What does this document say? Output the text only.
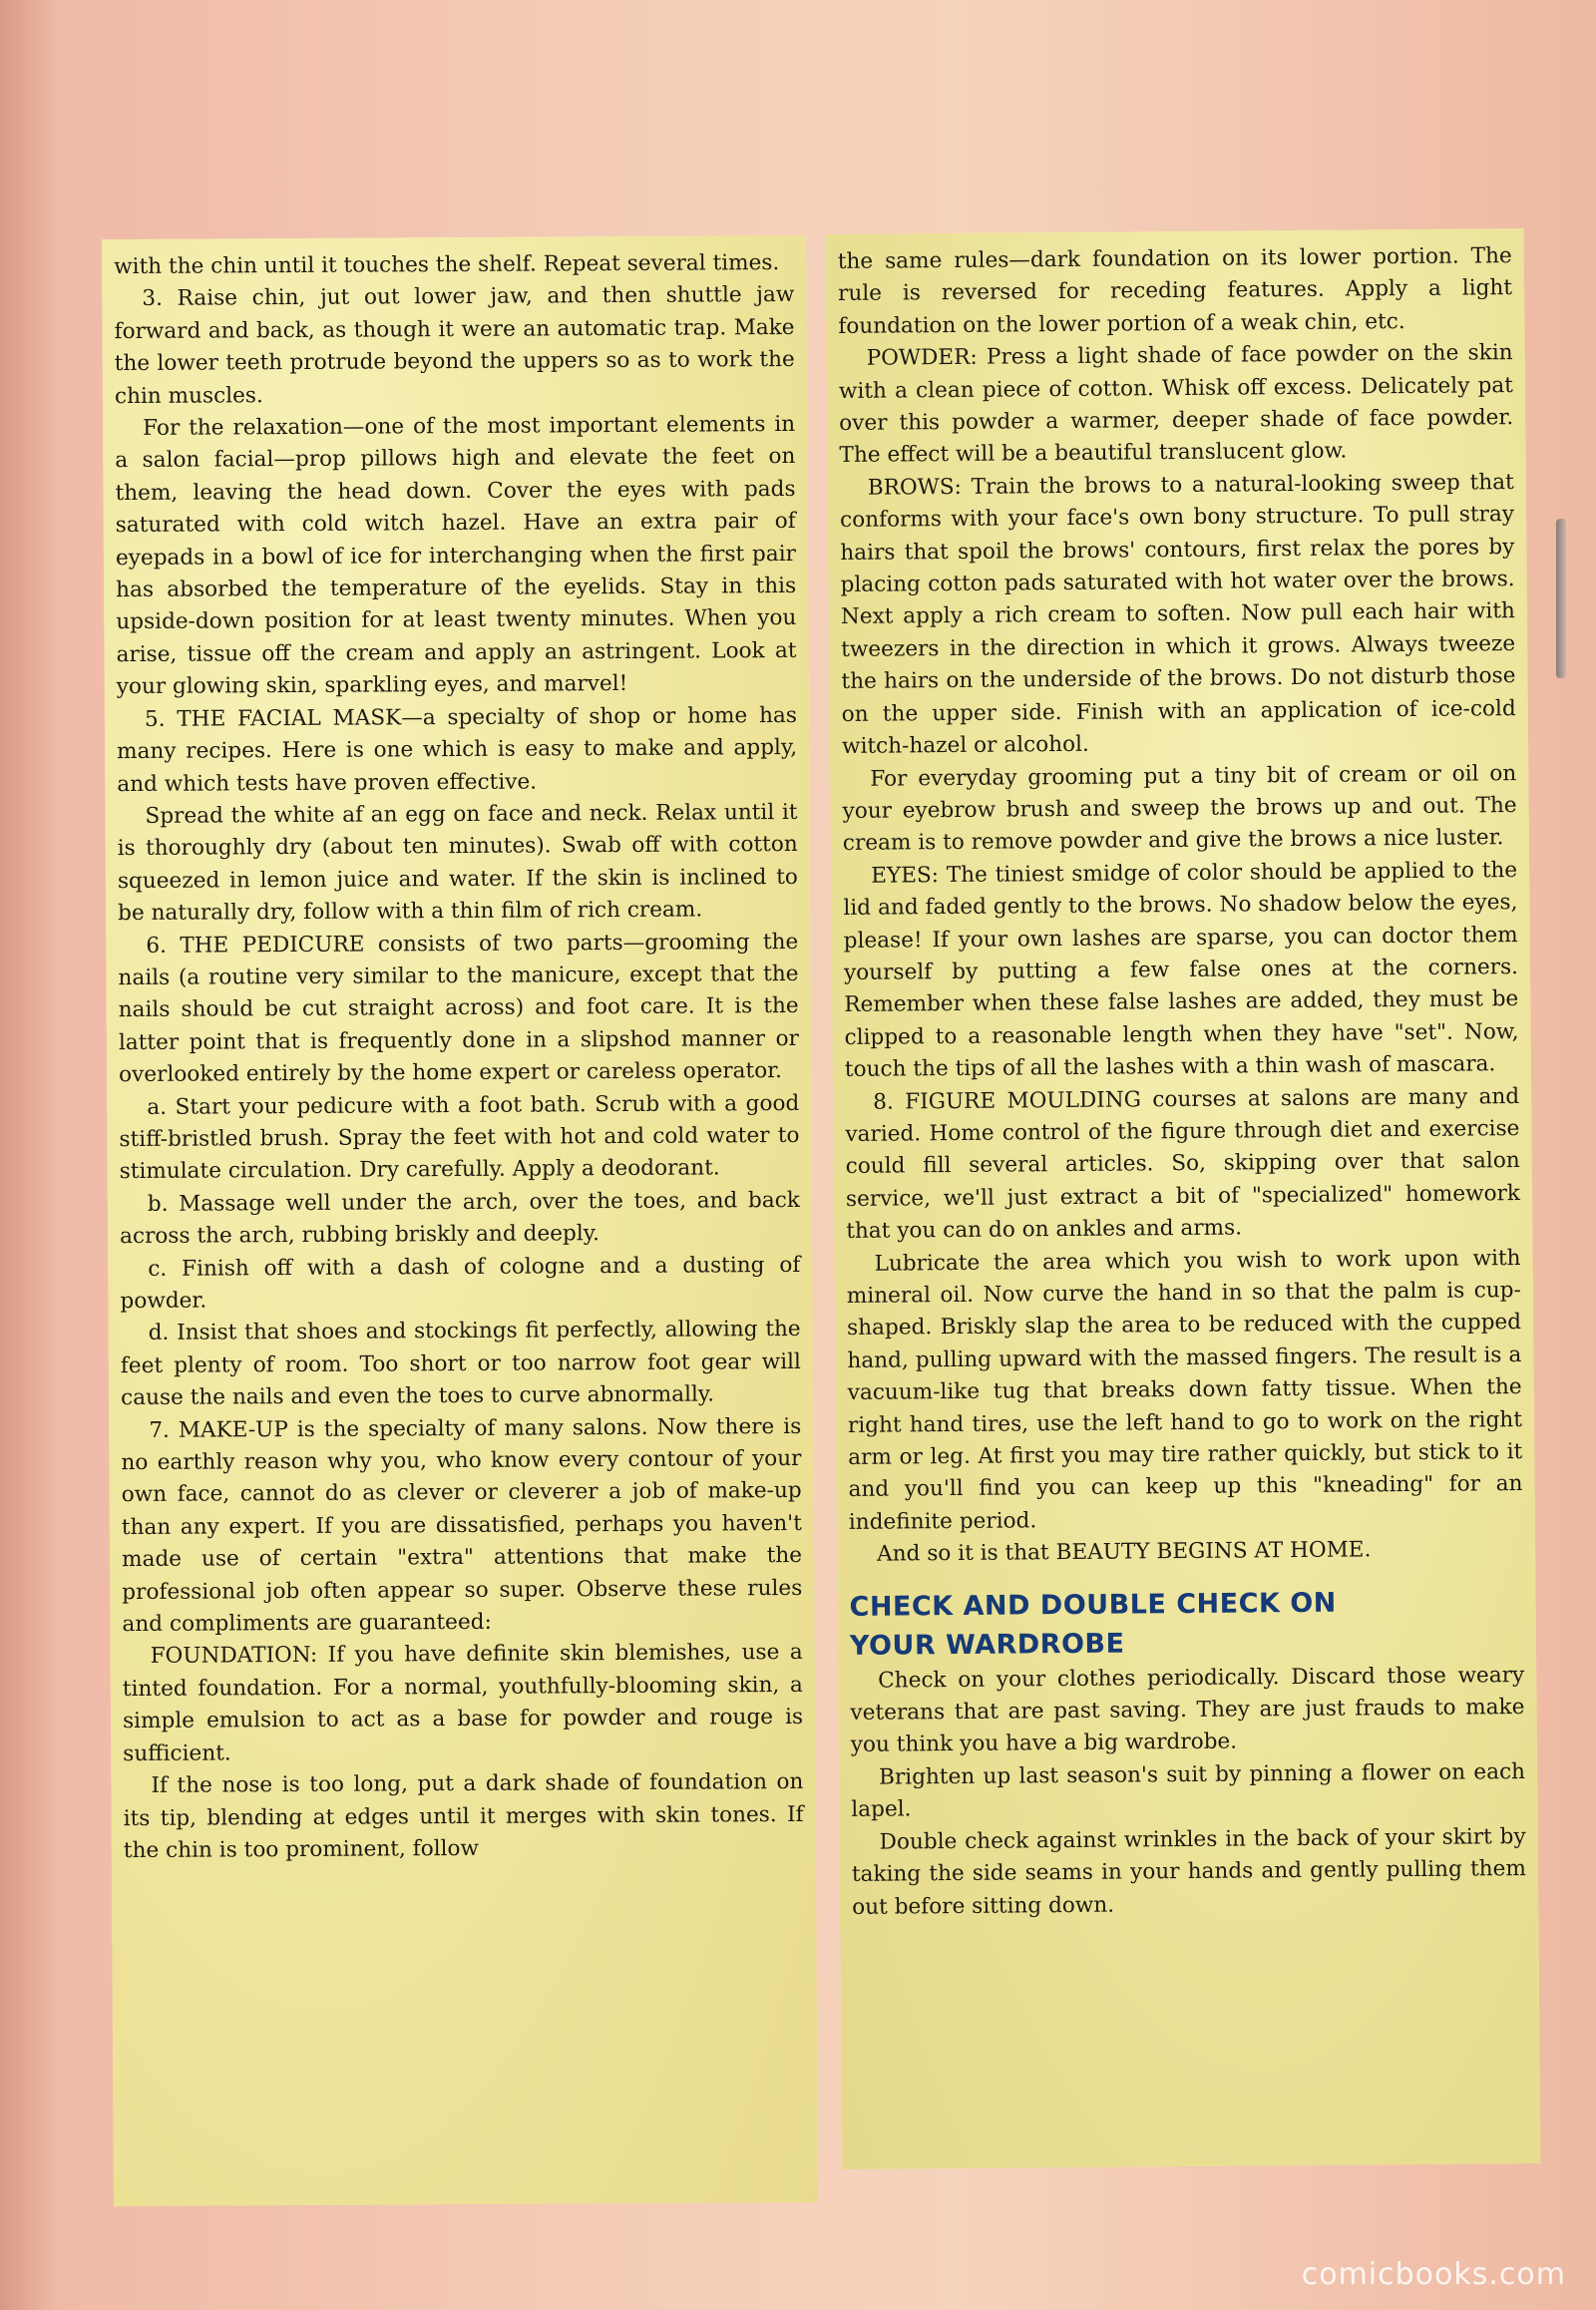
with the chin until it touches the shelf. Repeat several times.

3. Raise chin, jut out lower jaw, and then shuttle jaw forward and back, as though it were an automatic trap. Make the lower teeth protrude beyond the uppers so as to work the chin muscles.

For the relaxation—one of the most important elements in a salon facial—prop pillows high and elevate the feet on them, leaving the head down. Cover the eyes with pads saturated with cold witch hazel. Have an extra pair of eyepads in a bowl of ice for interchanging when the first pair has absorbed the temperature of the eyelids. Stay in this upside-down position for at least twenty minutes. When you arise, tissue off the cream and apply an astringent. Look at your glowing skin, sparkling eyes, and marvel!

5. THE FACIAL MASK—a specialty of shop or home has many recipes. Here is one which is easy to make and apply, and which tests have proven effective.

Spread the white af an egg on face and neck. Relax until it is thoroughly dry (about ten minutes). Swab off with cotton squeezed in lemon juice and water. If the skin is inclined to be naturally dry, follow with a thin film of rich cream.

6. THE PEDICURE consists of two parts—grooming the nails (a routine very similar to the manicure, except that the nails should be cut straight across) and foot care. It is the latter point that is frequently done in a slipshod manner or overlooked entirely by the home expert or careless operator.

a. Start your pedicure with a foot bath. Scrub with a good stiff-bristled brush. Spray the feet with hot and cold water to stimulate circulation. Dry carefully. Apply a deodorant.

b. Massage well under the arch, over the toes, and back across the arch, rubbing briskly and deeply.

c. Finish off with a dash of cologne and a dusting of powder.

d. Insist that shoes and stockings fit perfectly, allowing the feet plenty of room. Too short or too narrow foot gear will cause the nails and even the toes to curve abnormally.

7. MAKE-UP is the specialty of many salons. Now there is no earthly reason why you, who know every contour of your own face, cannot do as clever or cleverer a job of make-up than any expert. If you are dissatisfied, perhaps you haven't made use of certain "extra" attentions that make the professional job often appear so super. Observe these rules and compliments are guaranteed:

FOUNDATION: If you have definite skin blemishes, use a tinted foundation. For a normal, youthfully-blooming skin, a simple emulsion to act as a base for powder and rouge is sufficient.

If the nose is too long, put a dark shade of foundation on its tip, blending at edges until it merges with skin tones. If the chin is too prominent, follow

the same rules—dark foundation on its lower portion. The rule is reversed for receding features. Apply a light foundation on the lower portion of a weak chin, etc.

POWDER: Press a light shade of face powder on the skin with a clean piece of cotton. Whisk off excess. Delicately pat over this powder a warmer, deeper shade of face powder. The effect will be a beautiful translucent glow.

BROWS: Train the brows to a natural-looking sweep that conforms with your face's own bony structure. To pull stray hairs that spoil the brows' contours, first relax the pores by placing cotton pads saturated with hot water over the brows. Next apply a rich cream to soften. Now pull each hair with tweezers in the direction in which it grows. Always tweeze the hairs on the underside of the brows. Do not disturb those on the upper side. Finish with an application of ice-cold witch-hazel or alcohol.

For everyday grooming put a tiny bit of cream or oil on your eyebrow brush and sweep the brows up and out. The cream is to remove powder and give the brows a nice luster.

EYES: The tiniest smidge of color should be applied to the lid and faded gently to the brows. No shadow below the eyes, please! If your own lashes are sparse, you can doctor them yourself by putting a few false ones at the corners. Remember when these false lashes are added, they must be clipped to a reasonable length when they have "set". Now, touch the tips of all the lashes with a thin wash of mascara.

8. FIGURE MOULDING courses at salons are many and varied. Home control of the figure through diet and exercise could fill several articles. So, skipping over that salon service, we'll just extract a bit of "specialized" homework that you can do on ankles and arms.

Lubricate the area which you wish to work upon with mineral oil. Now curve the hand in so that the palm is cup-shaped. Briskly slap the area to be reduced with the cupped hand, pulling upward with the massed fingers. The result is a vacuum-like tug that breaks down fatty tissue. When the right hand tires, use the left hand to go to work on the right arm or leg. At first you may tire rather quickly, but stick to it and you'll find you can keep up this "kneading" for an indefinite period.

And so it is that BEAUTY BEGINS AT HOME.

CHECK AND DOUBLE CHECK ON
YOUR WARDROBE

Check on your clothes periodically. Discard those weary veterans that are past saving. They are just frauds to make you think you have a big wardrobe.

Brighten up last season's suit by pinning a flower on each lapel.

Double check against wrinkles in the back of your skirt by taking the side seams in your hands and gently pulling them out before sitting down.

comicbooks.com
